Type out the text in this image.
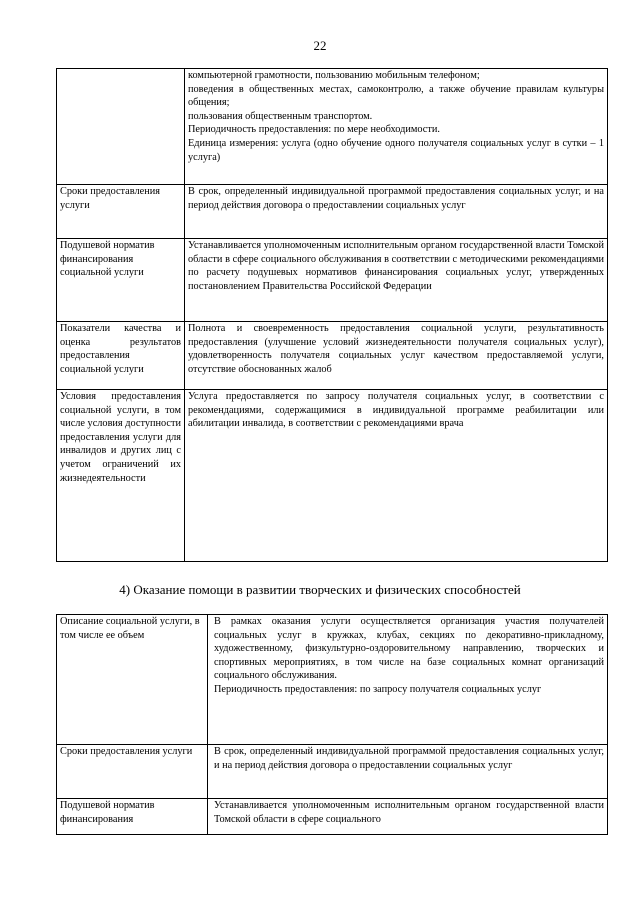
22

	компьютерной грамотности, пользованию мобильным телефоном;

поведения в общественных местах, самоконтролю, а также обучение правилам культуры общения;

пользования общественным транспортом.

Периодичность предоставления: по мере необходимости.

Единица измерения: услуга (одно обучение одного получателя социальных услуг в сутки – 1 услуга)

Сроки предоставления услуги	В срок, определенный индивидуальной программой предоставления социальных услуг, и на период действия договора о предоставлении социальных услуг
Подушевой норматив финансирования социальной услуги	Устанавливается уполномоченным исполнительным органом государственной власти Томской области в сфере социального обслуживания в соответствии с методическими рекомендациями по расчету подушевых нормативов финансирования социальных услуг, утвержденных постановлением Правительства Российской Федерации
Показатели качества и оценка результатов предоставления социальной услуги	Полнота и своевременность предоставления социальной услуги, результативность предоставления (улучшение условий жизнедеятельности получателя социальных услуг), удовлетворенность получателя социальных услуг качеством предоставляемой услуги, отсутствие обоснованных жалоб
Условия предоставления социальной услуги, в том числе условия доступности предоставления услуги для инвалидов и других лиц с учетом ограничений их жизнедеятельности	Услуга предоставляется по запросу получателя социальных услуг, в соответствии с рекомендациями, содержащимися в индивидуальной программе реабилитации или абилитации инвалида, в соответствии с рекомендациями врача
4) Оказание помощи в развитии творческих и физических способностей
Описание социальной услуги, в том числе ее объем	В рамках оказания услуги осуществляется организация участия получателей социальных услуг в кружках, клубах, секциях по декоративно-прикладному, художественному, физкультурно-оздоровительному направлению, творческих и спортивных мероприятиях, в том числе на базе социальных комнат организаций социального обслуживания.

Периодичность предоставления: по запросу получателя социальных услуг

Сроки предоставления услуги	В срок, определенный индивидуальной программой предоставления социальных услуг, и на период действия договора о предоставлении социальных услуг
Подушевой норматив финансирования	Устанавливается уполномоченным исполнительным органом государственной власти Томской области в сфере социального
